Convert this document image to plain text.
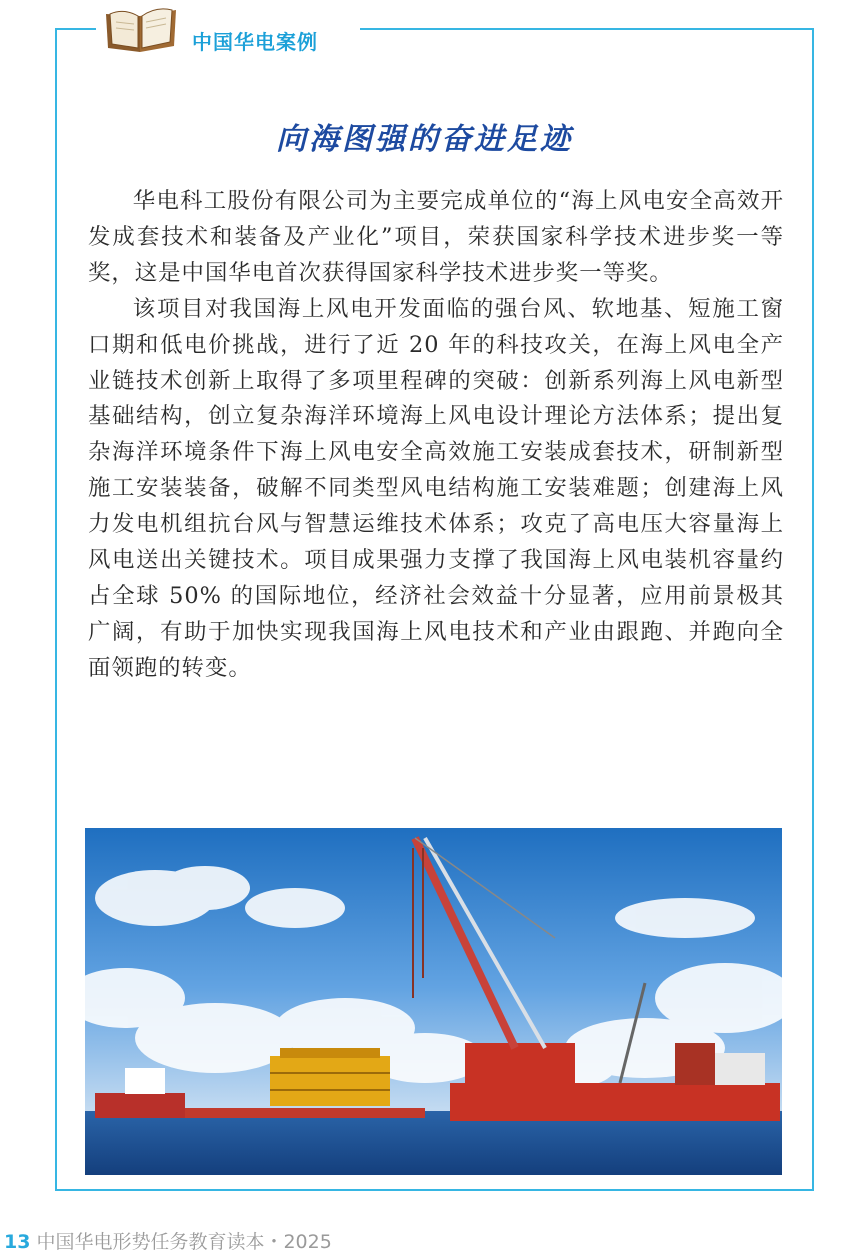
中国华电案例
向海图强的奋进足迹

华电科工股份有限公司为主要完成单位的“海上风电安全高效开发成套技术和装备及产业化”项目，荣获国家科学技术进步奖一等奖，这是中国华电首次获得国家科学技术进步奖一等奖。

该项目对我国海上风电开发面临的强台风、软地基、短施工窗口期和低电价挑战，进行了近 20 年的科技攻关，在海上风电全产业链技术创新上取得了多项里程碑的突破：创新系列海上风电新型基础结构，创立复杂海洋环境海上风电设计理论方法体系；提出复杂海洋环境条件下海上风电安全高效施工安装成套技术，研制新型施工安装装备，破解不同类型风电结构施工安装难题；创建海上风力发电机组抗台风与智慧运维技术体系；攻克了高电压大容量海上风电送出关键技术。项目成果强力支撑了我国海上风电装机容量约占全球 50% 的国际地位，经济社会效益十分显著，应用前景极其广阔，有助于加快实现我国海上风电技术和产业由跟跑、并跑向全面领跑的转变。

13 中国华电形势任务教育读本・2025
